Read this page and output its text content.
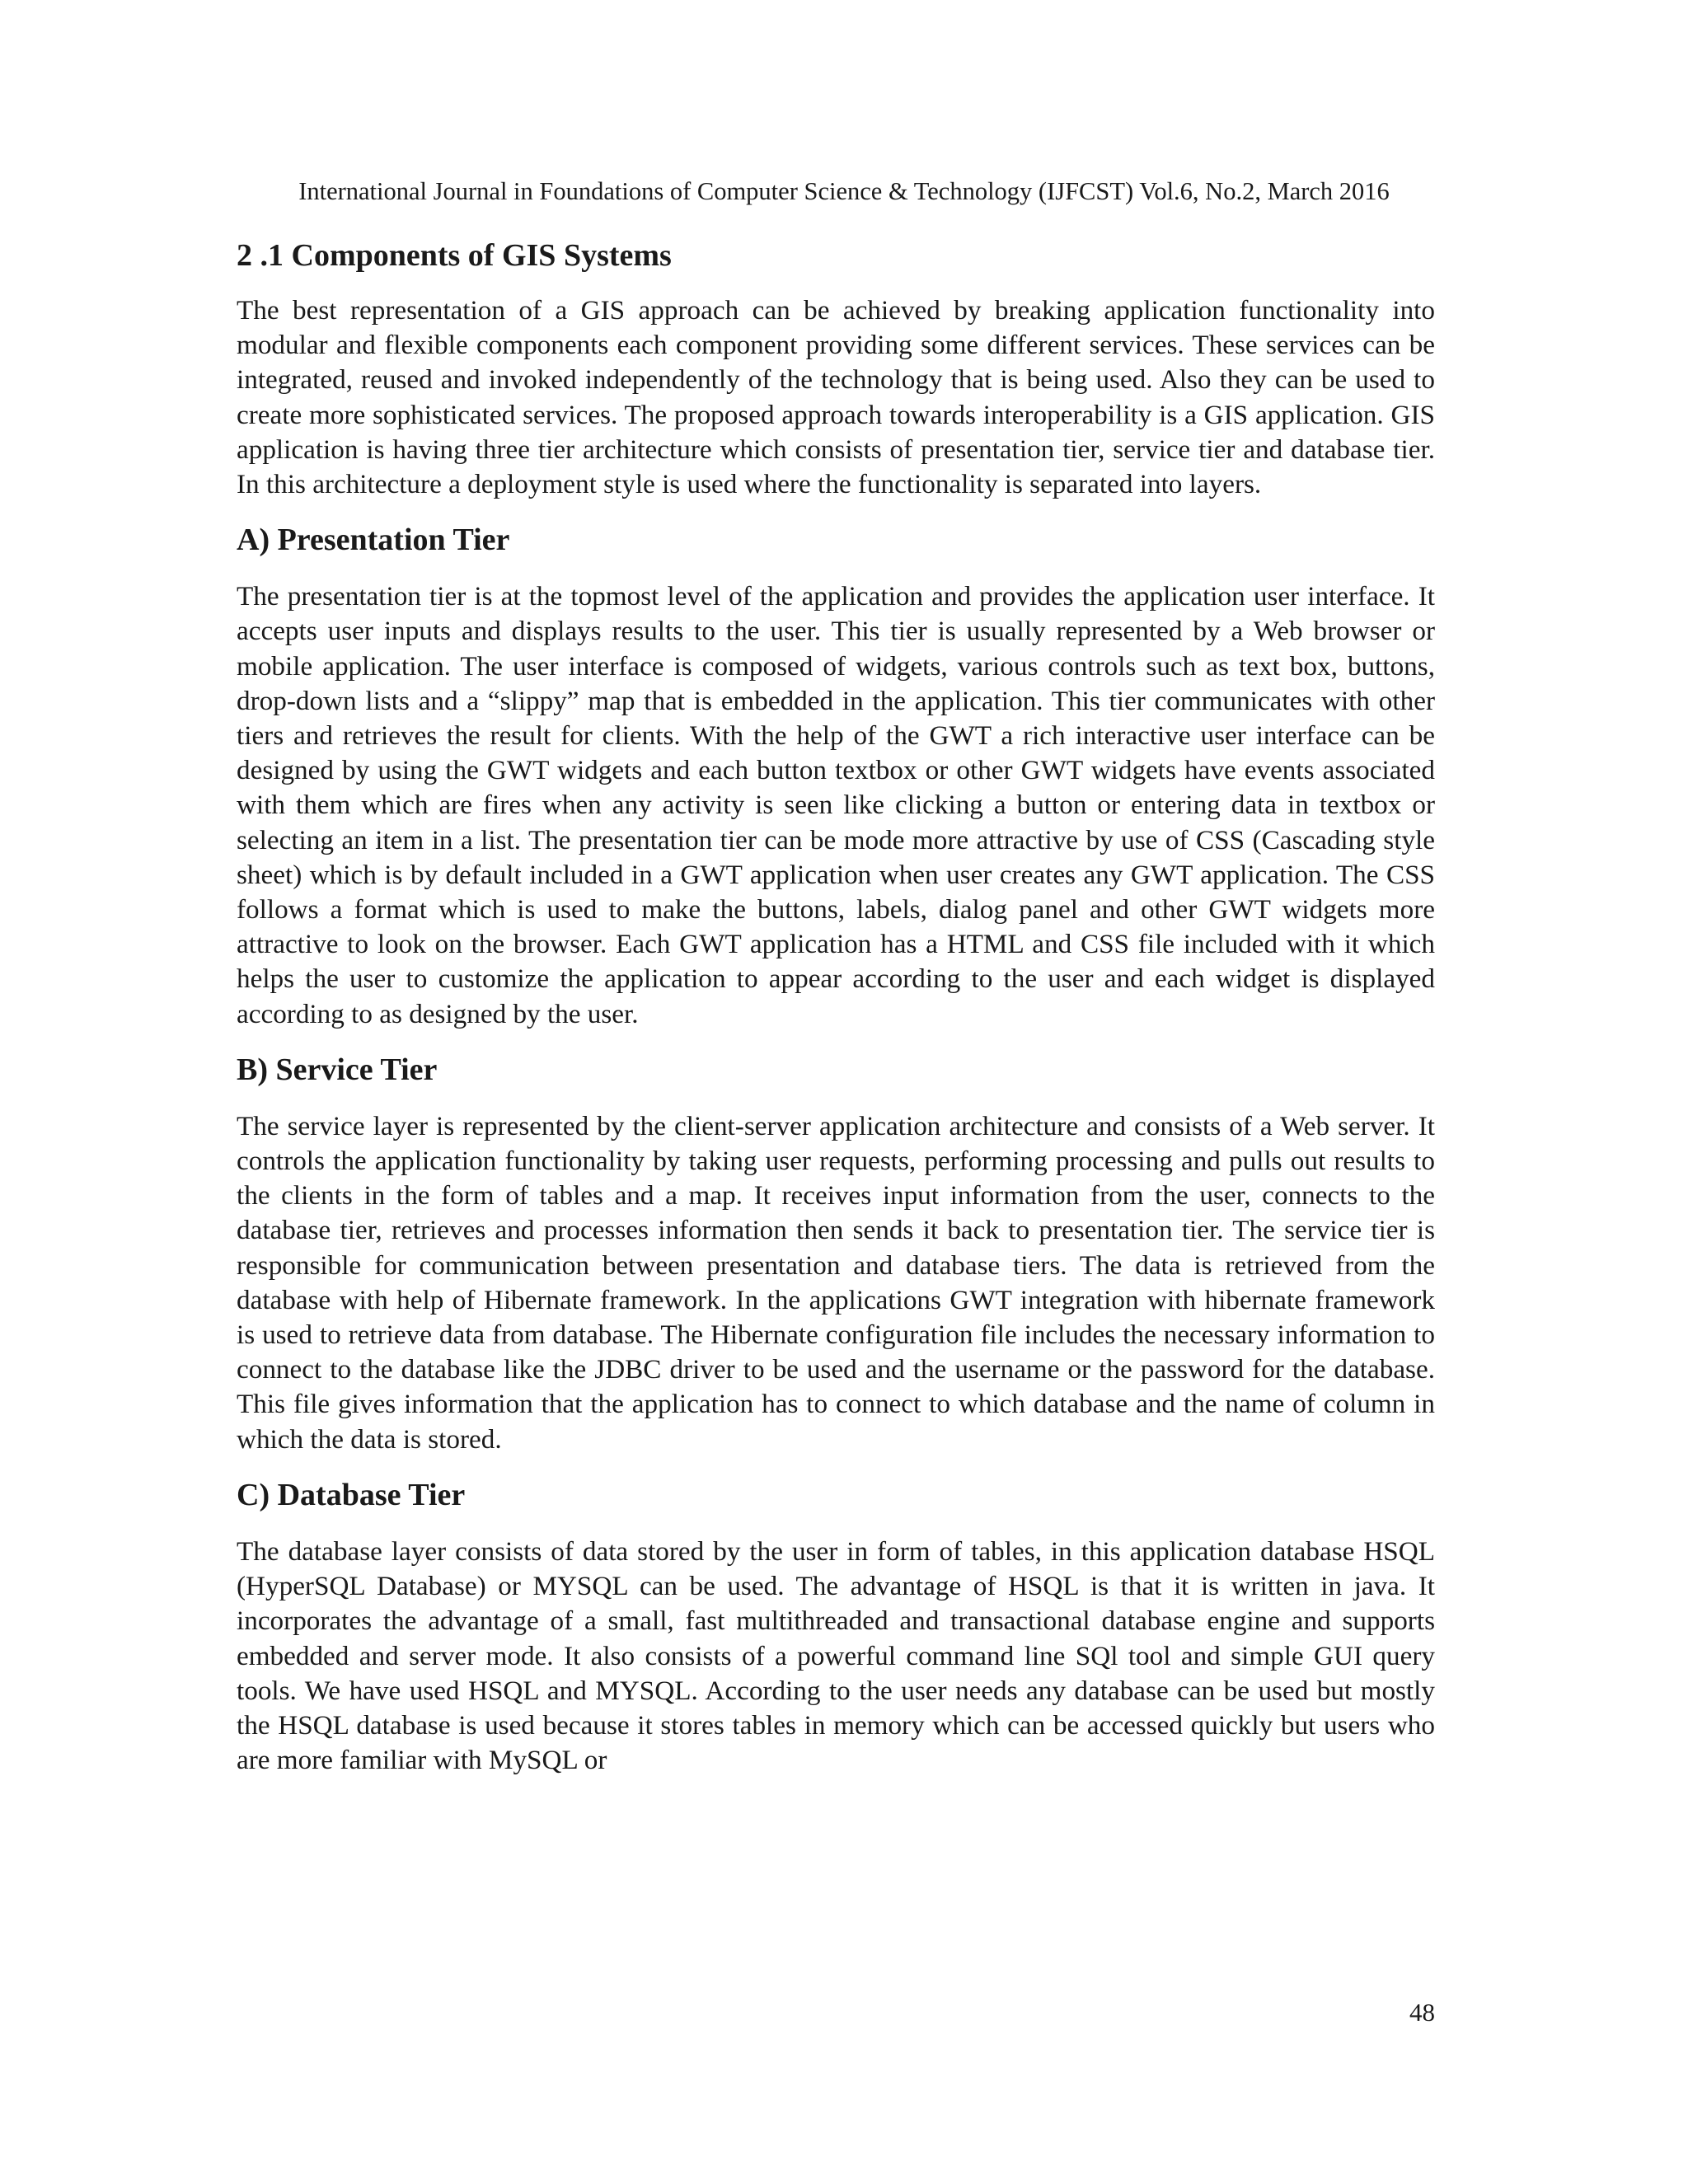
International Journal in Foundations of Computer Science & Technology (IJFCST) Vol.6, No.2, March 2016
2 .1 Components of GIS Systems

The best representation of a GIS approach can be achieved by breaking application functionality into modular and flexible components each component providing some different services. These services can be integrated, reused and invoked independently of the technology that is being used. Also they can be used to create more sophisticated services. The proposed approach towards interoperability is a GIS application. GIS application is having three tier architecture which consists of presentation tier, service tier and database tier. In this architecture a deployment style is used where the functionality is separated into layers.

A) Presentation Tier

The presentation tier is at the topmost level of the application and provides the application user interface. It accepts user inputs and displays results to the user. This tier is usually represented by a Web browser or mobile application. The user interface is composed of widgets, various controls such as text box, buttons, drop-down lists and a “slippy” map that is embedded in the application. This tier communicates with other tiers and retrieves the result for clients. With the help of the GWT a rich interactive user interface can be designed by using the GWT widgets and each button textbox or other GWT widgets have events associated with them which are fires when any activity is seen like clicking a button or entering data in textbox or selecting an item in a list. The presentation tier can be mode more attractive by use of CSS (Cascading style sheet) which is by default included in a GWT application when user creates any GWT application. The CSS follows a format which is used to make the buttons, labels, dialog panel and other GWT widgets more attractive to look on the browser. Each GWT application has a HTML and CSS file included with it which helps the user to customize the application to appear according to the user and each widget is displayed according to as designed by the user.

B) Service Tier

The service layer is represented by the client-server application architecture and consists of a Web server. It controls the application functionality by taking user requests, performing processing and pulls out results to the clients in the form of tables and a map. It receives input information from the user, connects to the database tier, retrieves and processes information then sends it back to presentation tier. The service tier is responsible for communication between presentation and database tiers. The data is retrieved from the database with help of Hibernate framework. In the applications GWT integration with hibernate framework is used to retrieve data from database. The Hibernate configuration file includes the necessary information to connect to the database like the JDBC driver to be used and the username or the password for the database. This file gives information that the application has to connect to which database and the name of column in which the data is stored.

C) Database Tier

The database layer consists of data stored by the user in form of tables, in this application database HSQL (HyperSQL Database) or MYSQL can be used. The advantage of HSQL is that it is written in java. It incorporates the advantage of a small, fast multithreaded and transactional database engine and supports embedded and server mode. It also consists of a powerful command line SQl tool and simple GUI query tools. We have used HSQL and MYSQL. According to the user needs any database can be used but mostly the HSQL database is used because it stores tables in memory which can be accessed quickly but users who are more familiar with MySQL or

48
